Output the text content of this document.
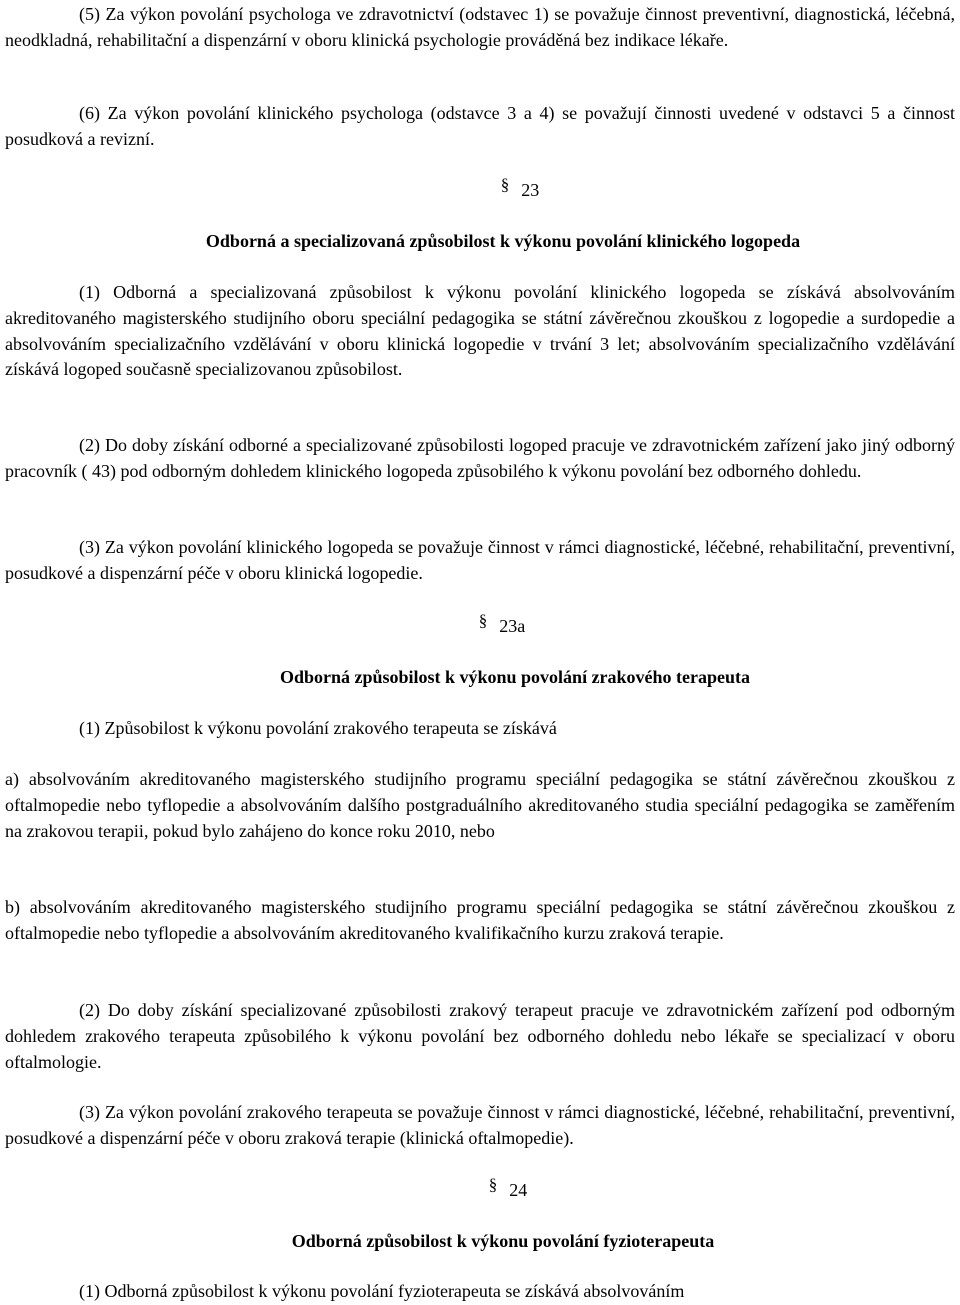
(5) Za výkon povolání psychologa ve zdravotnictví (odstavec 1) se považuje činnost preventivní, diagnostická, léčebná, neodkladná, rehabilitační a dispenzární v oboru klinická psychologie prováděná bez indikace lékaře.

(6) Za výkon povolání klinického psychologa (odstavce 3 a 4) se považují činnosti uvedené v odstavci 5 a činnost posudková a revizní.

§ 23
Odborná a specializovaná způsobilost k výkonu povolání klinického logopeda

(1) Odborná a specializovaná způsobilost k výkonu povolání klinického logopeda se získává absolvováním akreditovaného magisterského studijního oboru speciální pedagogika se státní závěrečnou zkouškou z logopedie a surdopedie a absolvováním specializačního vzdělávání v oboru klinická logopedie v trvání 3 let; absolvováním specializačního vzdělávání získává logoped současně specializovanou způsobilost.

(2) Do doby získání odborné a specializované způsobilosti logoped pracuje ve zdravotnickém zařízení jako jiný odborný pracovník ( 43) pod odborným dohledem klinického logopeda způsobilého k výkonu povolání bez odborného dohledu.

(3) Za výkon povolání klinického logopeda se považuje činnost v rámci diagnostické, léčebné, rehabilitační, preventivní, posudkové a dispenzární péče v oboru klinická logopedie.

§ 23a
Odborná způsobilost k výkonu povolání zrakového terapeuta

(1) Způsobilost k výkonu povolání zrakového terapeuta se získává

a) absolvováním akreditovaného magisterského studijního programu speciální pedagogika se státní závěrečnou zkouškou z oftalmopedie nebo tyflopedie a absolvováním dalšího postgraduálního akreditovaného studia speciální pedagogika se zaměřením na zrakovou terapii, pokud bylo zahájeno do konce roku 2010, nebo

b) absolvováním akreditovaného magisterského studijního programu speciální pedagogika se státní závěrečnou zkouškou z oftalmopedie nebo tyflopedie a absolvováním akreditovaného kvalifikačního kurzu zraková terapie.

(2) Do doby získání specializované způsobilosti zrakový terapeut pracuje ve zdravotnickém zařízení pod odborným dohledem zrakového terapeuta způsobilého k výkonu povolání bez odborného dohledu nebo lékaře se specializací v oboru oftalmologie.

(3) Za výkon povolání zrakového terapeuta se považuje činnost v rámci diagnostické, léčebné, rehabilitační, preventivní, posudkové a dispenzární péče v oboru zraková terapie (klinická oftalmopedie).

§ 24
Odborná způsobilost k výkonu povolání fyzioterapeuta

(1) Odborná způsobilost k výkonu povolání fyzioterapeuta se získává absolvováním
